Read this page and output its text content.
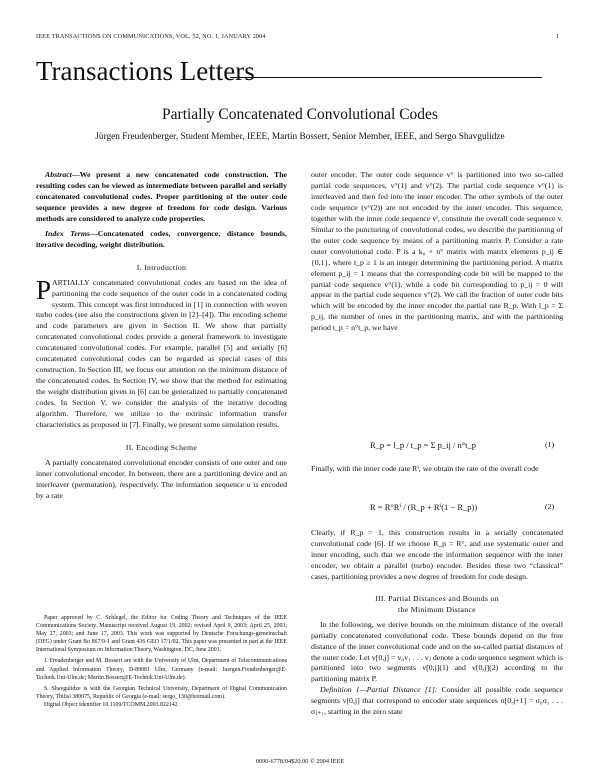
IEEE TRANSACTIONS ON COMMUNICATIONS, VOL. 52, NO. 1, JANUARY 2004	1
Transactions Letters
Partially Concatenated Convolutional Codes
Jürgen Freudenberger, Student Member, IEEE, Martin Bossert, Senior Member, IEEE, and Sergo Shavgulidze

Abstract—We present a new concatenated code construction. The resulting codes can be viewed as intermediate between parallel and serially concatenated convolutional codes. Proper partitioning of the outer code sequence provides a new degree of freedom for code design. Various methods are considered to analyze code properties.

Index Terms—Concatenated codes, convergence, distance bounds, iterative decoding, weight distribution.

I. Introduction

PARTIALLY concatenated convolutional codes are based on the idea of partitioning the code sequence of the outer code in a concatenated coding system. This concept was first introduced in [1] in connection with woven turbo codes (see also the constructions given in [2]–[4]). The encoding scheme and code parameters are given in Section II. We show that partially concatenated convolutional codes provide a general framework to investigate concatenated convolutional codes. For example, parallel [5] and serially [6] concatenated convolutional codes can be regarded as special cases of this construction. In Section III, we focus our attention on the minimum distance of the concatenated codes. In Section IV, we show that the method for estimating the weight distribution given in [6] can be generalized to partially concatenated codes. In Section V, we consider the analysis of the iterative decoding algorithm. Therefore, we utilize to the extrinsic information transfer characteristics as proposed in [7]. Finally, we present some simulation results.

II. Encoding Scheme

A partially concatenated convolutional encoder consists of one outer and one inner convolutional encoder. In between, there are a partitioning device and an interleaver (permutation), respectively. The information sequence u is encoded by a rate

Paper approved by C. Schlegel, the Editor for Coding Theory and Techniques of the IEEE Communications Society. Manuscript received August 19, 2002; revised April 9, 2003; April 25, 2003; May 27, 2003; and June 17, 2003. This work was supported by Deutsche Forschungs-gemeinschaft (DFG) under Grant Bo 867/9-1 and Grant 436 GEO 17/1/02. This paper was presented in part at the IEEE International Symposium on Information Theory, Washington, DC, June 2001.

J. Freudenberger and M. Bossert are with the University of Ulm, Department of Telecommunications and Applied Information Theory, D-89081 Ulm, Germany (e-mail: Juergen.Freudenberger@E-Technik.Uni-Ulm.de; Martin.Bossert@E-Technik.Uni-Ulm.de).

S. Shavgulidze is with the Georgian Technical University, Department of Digital Communication Theory, Tbilisi 380075, Republic of Georgia (e-mail: sergo_130@hotmail.com).

Digital Object Identifier 10.1109/TCOMM.2003.822142

outer encoder. The outer code sequence v° is partitioned into two so-called partial code sequences, v°(1) and v°(2). The partial code sequence v°(1) is interleaved and then fed into the inner encoder. The other symbols of the outer code sequence (v°(2)) are not encoded by the inner encoder. This sequence, together with the inner code sequence vⁱ, constitute the overall code sequence v. Similar to the puncturing of convolutional codes, we describe the partitioning of the outer code sequence by means of a partitioning matrix P. Consider a rate outer convolutional code. P is a k₀ × n° matrix with matrix elements p_ij ∈ {0,1}, where t_p ≥ 1 is an integer determining the partitioning period. A matrix element p_ij = 1 means that the corresponding code bit will be mapped to the partial code sequence v°(1), while a code bit corresponding to p_ij = 0 will appear in the partial code sequence v°(2). We call the fraction of outer code bits which will be encoded by the inner encoder the partial rate R_p. With l_p = Σ p_ij, the number of ones in the partitioning matrix, and with the partitioning period t_p = n°t_p, we have

R_p = l_p / t_p = Σ p_ij / n°t_p	(1)

Finally, with the inner code rate Rⁱ, we obtain the rate of the overall code

R = R°Rⁱ / (R_p + Rⁱ(1 − R_p))	(2)

Clearly, if R_p = 1, this construction results in a serially concatenated convolutional code [6]. If we choose R_p = R°, and use systematic outer and inner encoding, such that we encode the information sequence with the inner encoder, we obtain a parallel (turbo) encoder. Besides these two “classical” cases, partitioning provides a new degree of freedom for code design.

III. Partial Distances and Bounds on

the Minimum Distance

In the following, we derive bounds on the minimum distance of the overall partially concatenated convolutional code. These bounds depend on the free distance of the inner convolutional code and on the so-called partial distances of the outer code. Let v[0,j] = v₀v₁ . . . vⱼ denote a code sequence segment which is partitioned into two segments v[0,j](1) and v[0,j](2) according to the partitioning matrix P.

Definition 1—Partial Distance [1]: Consider all possible code sequence segments v[0,j] that correspond to encoder state sequences σ[0,j+1] = σ₀σ₁ . . . σⱼ₊₁, starting in the zero state

0090-6778/04$20.00 © 2004 IEEE
